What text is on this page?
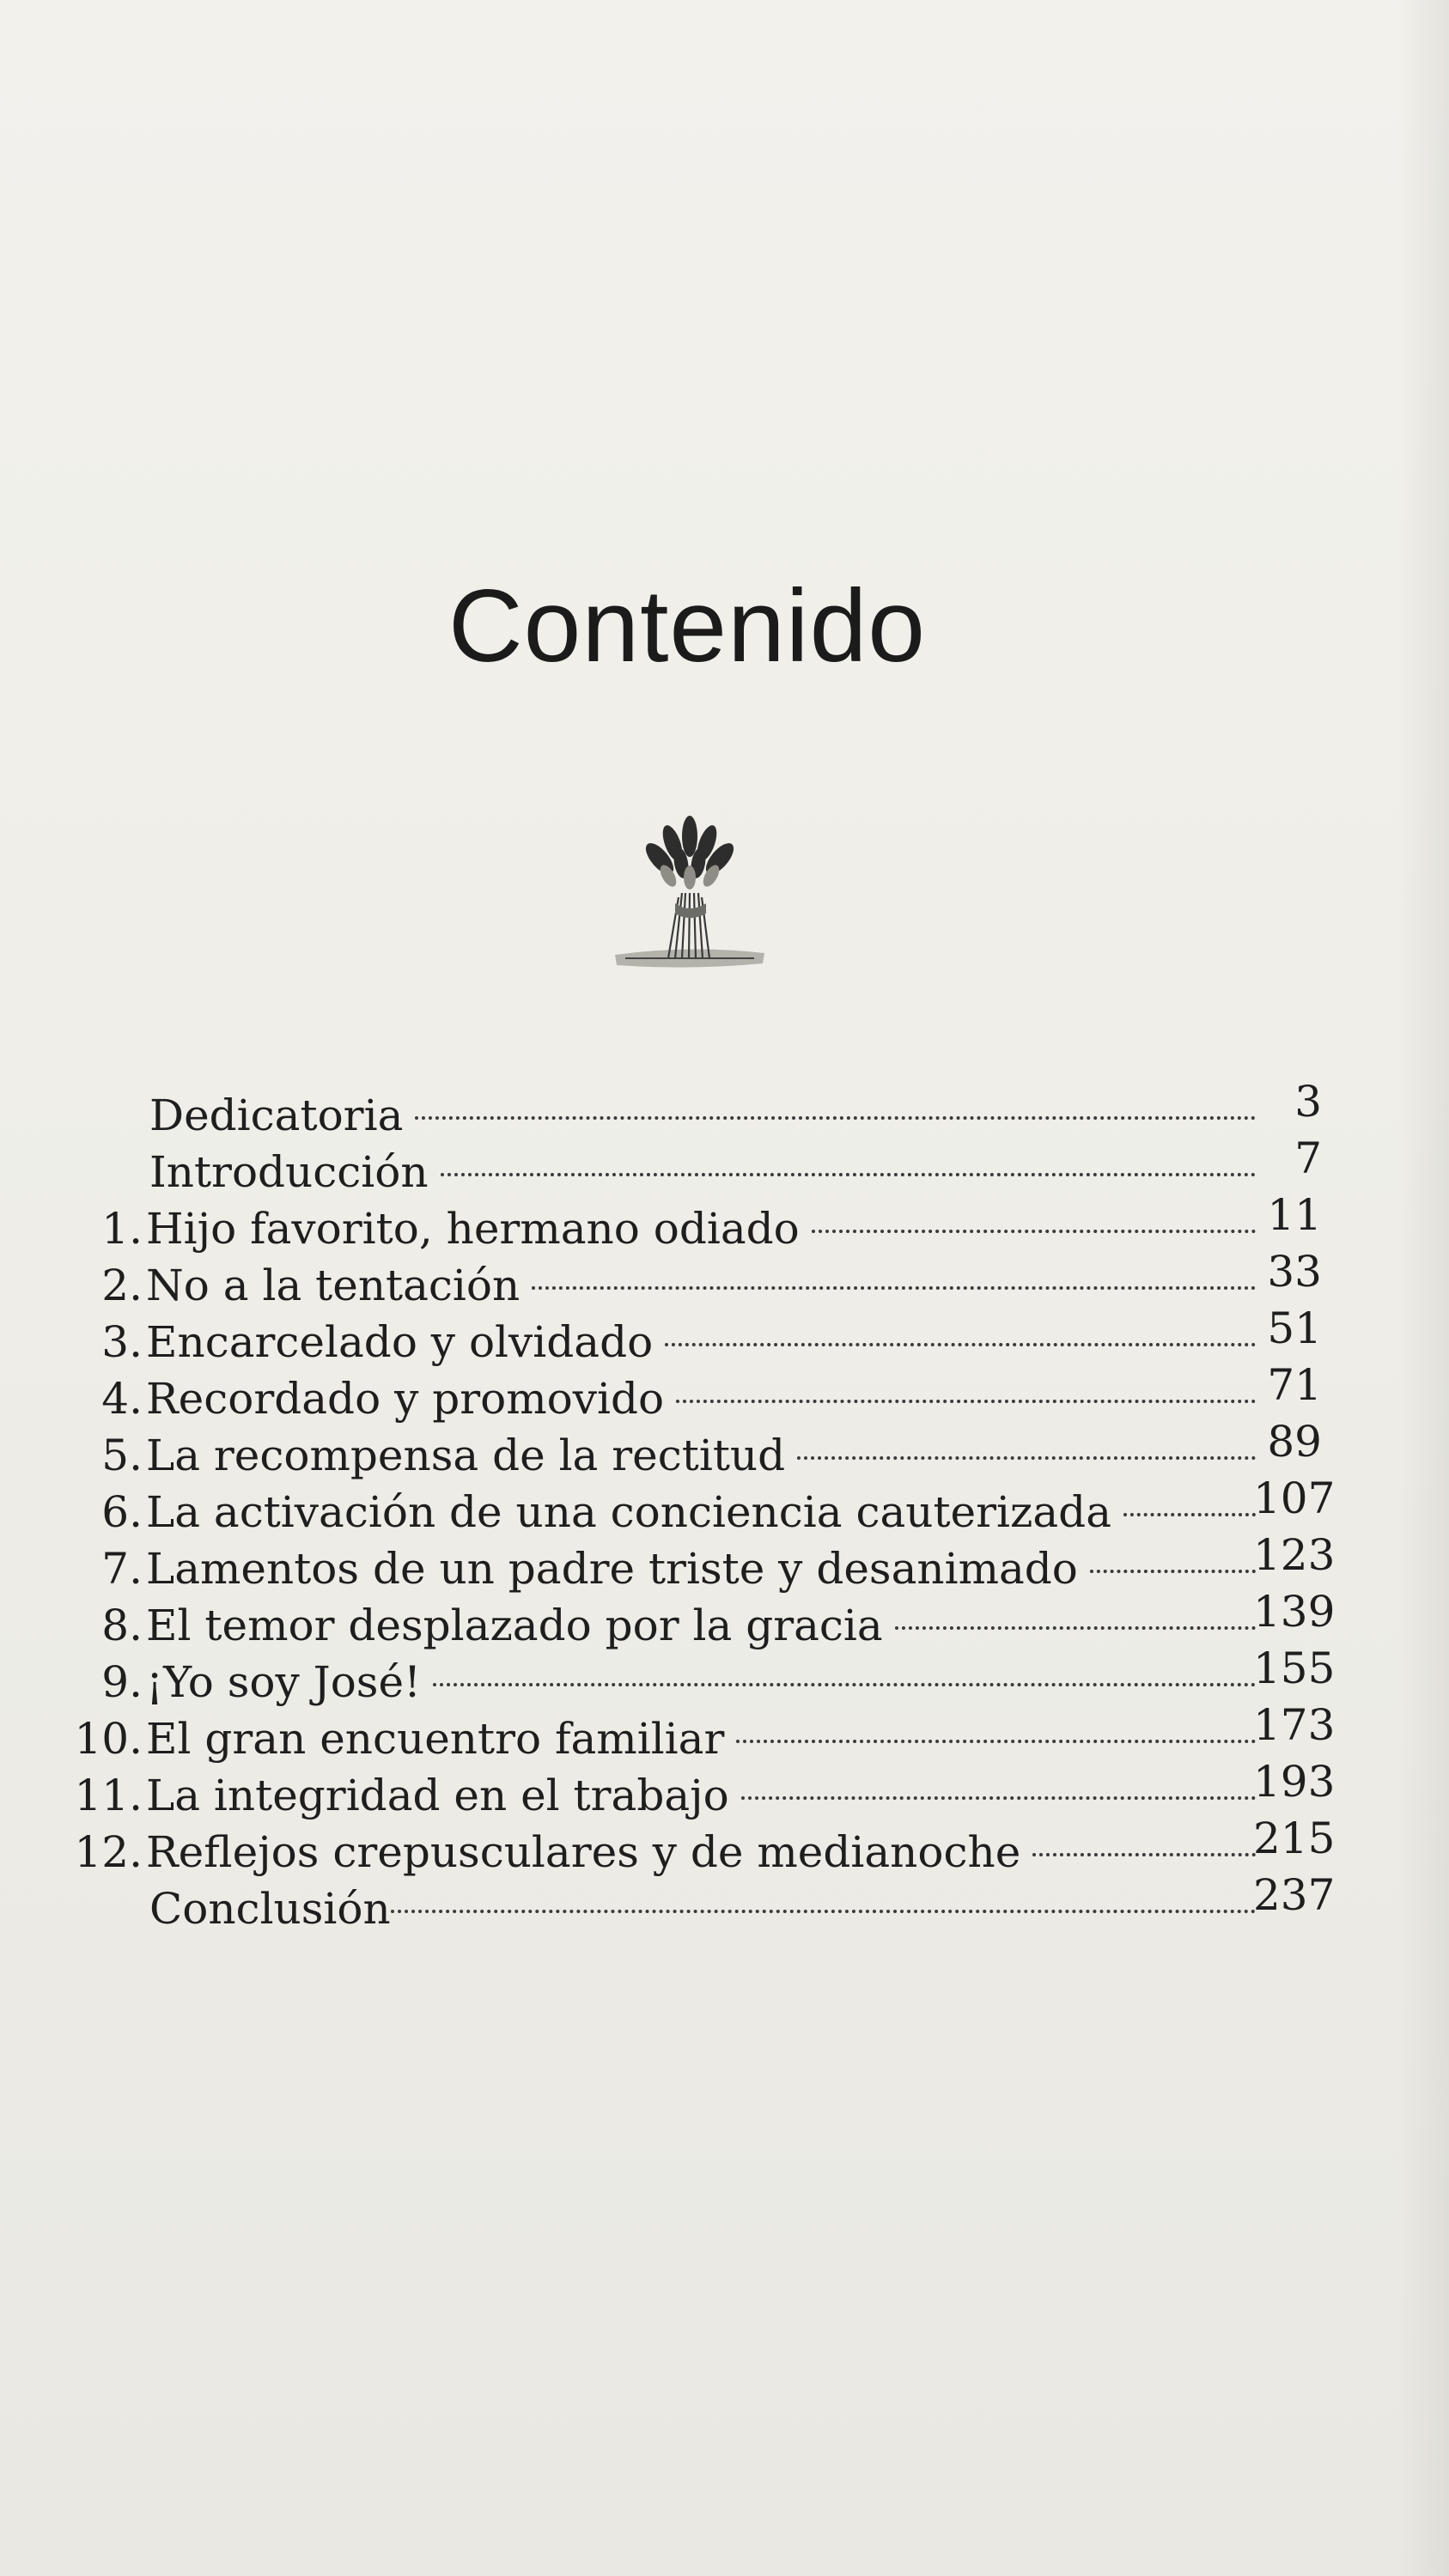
Contenido
Dedicatoria	3
Introducción	7
1. Hijo favorito, hermano odiado	11
2. No a la tentación	33
3. Encarcelado y olvidado	51
4. Recordado y promovido	71
5. La recompensa de la rectitud	89
6. La activación de una conciencia cauterizada	107
7. Lamentos de un padre triste y desanimado	123
8. El temor desplazado por la gracia	139
9. ¡Yo soy José!	155
10. El gran encuentro familiar	173
11. La integridad en el trabajo	193
12. Reflejos crepusculares y de medianoche	215
Conclusión	237
